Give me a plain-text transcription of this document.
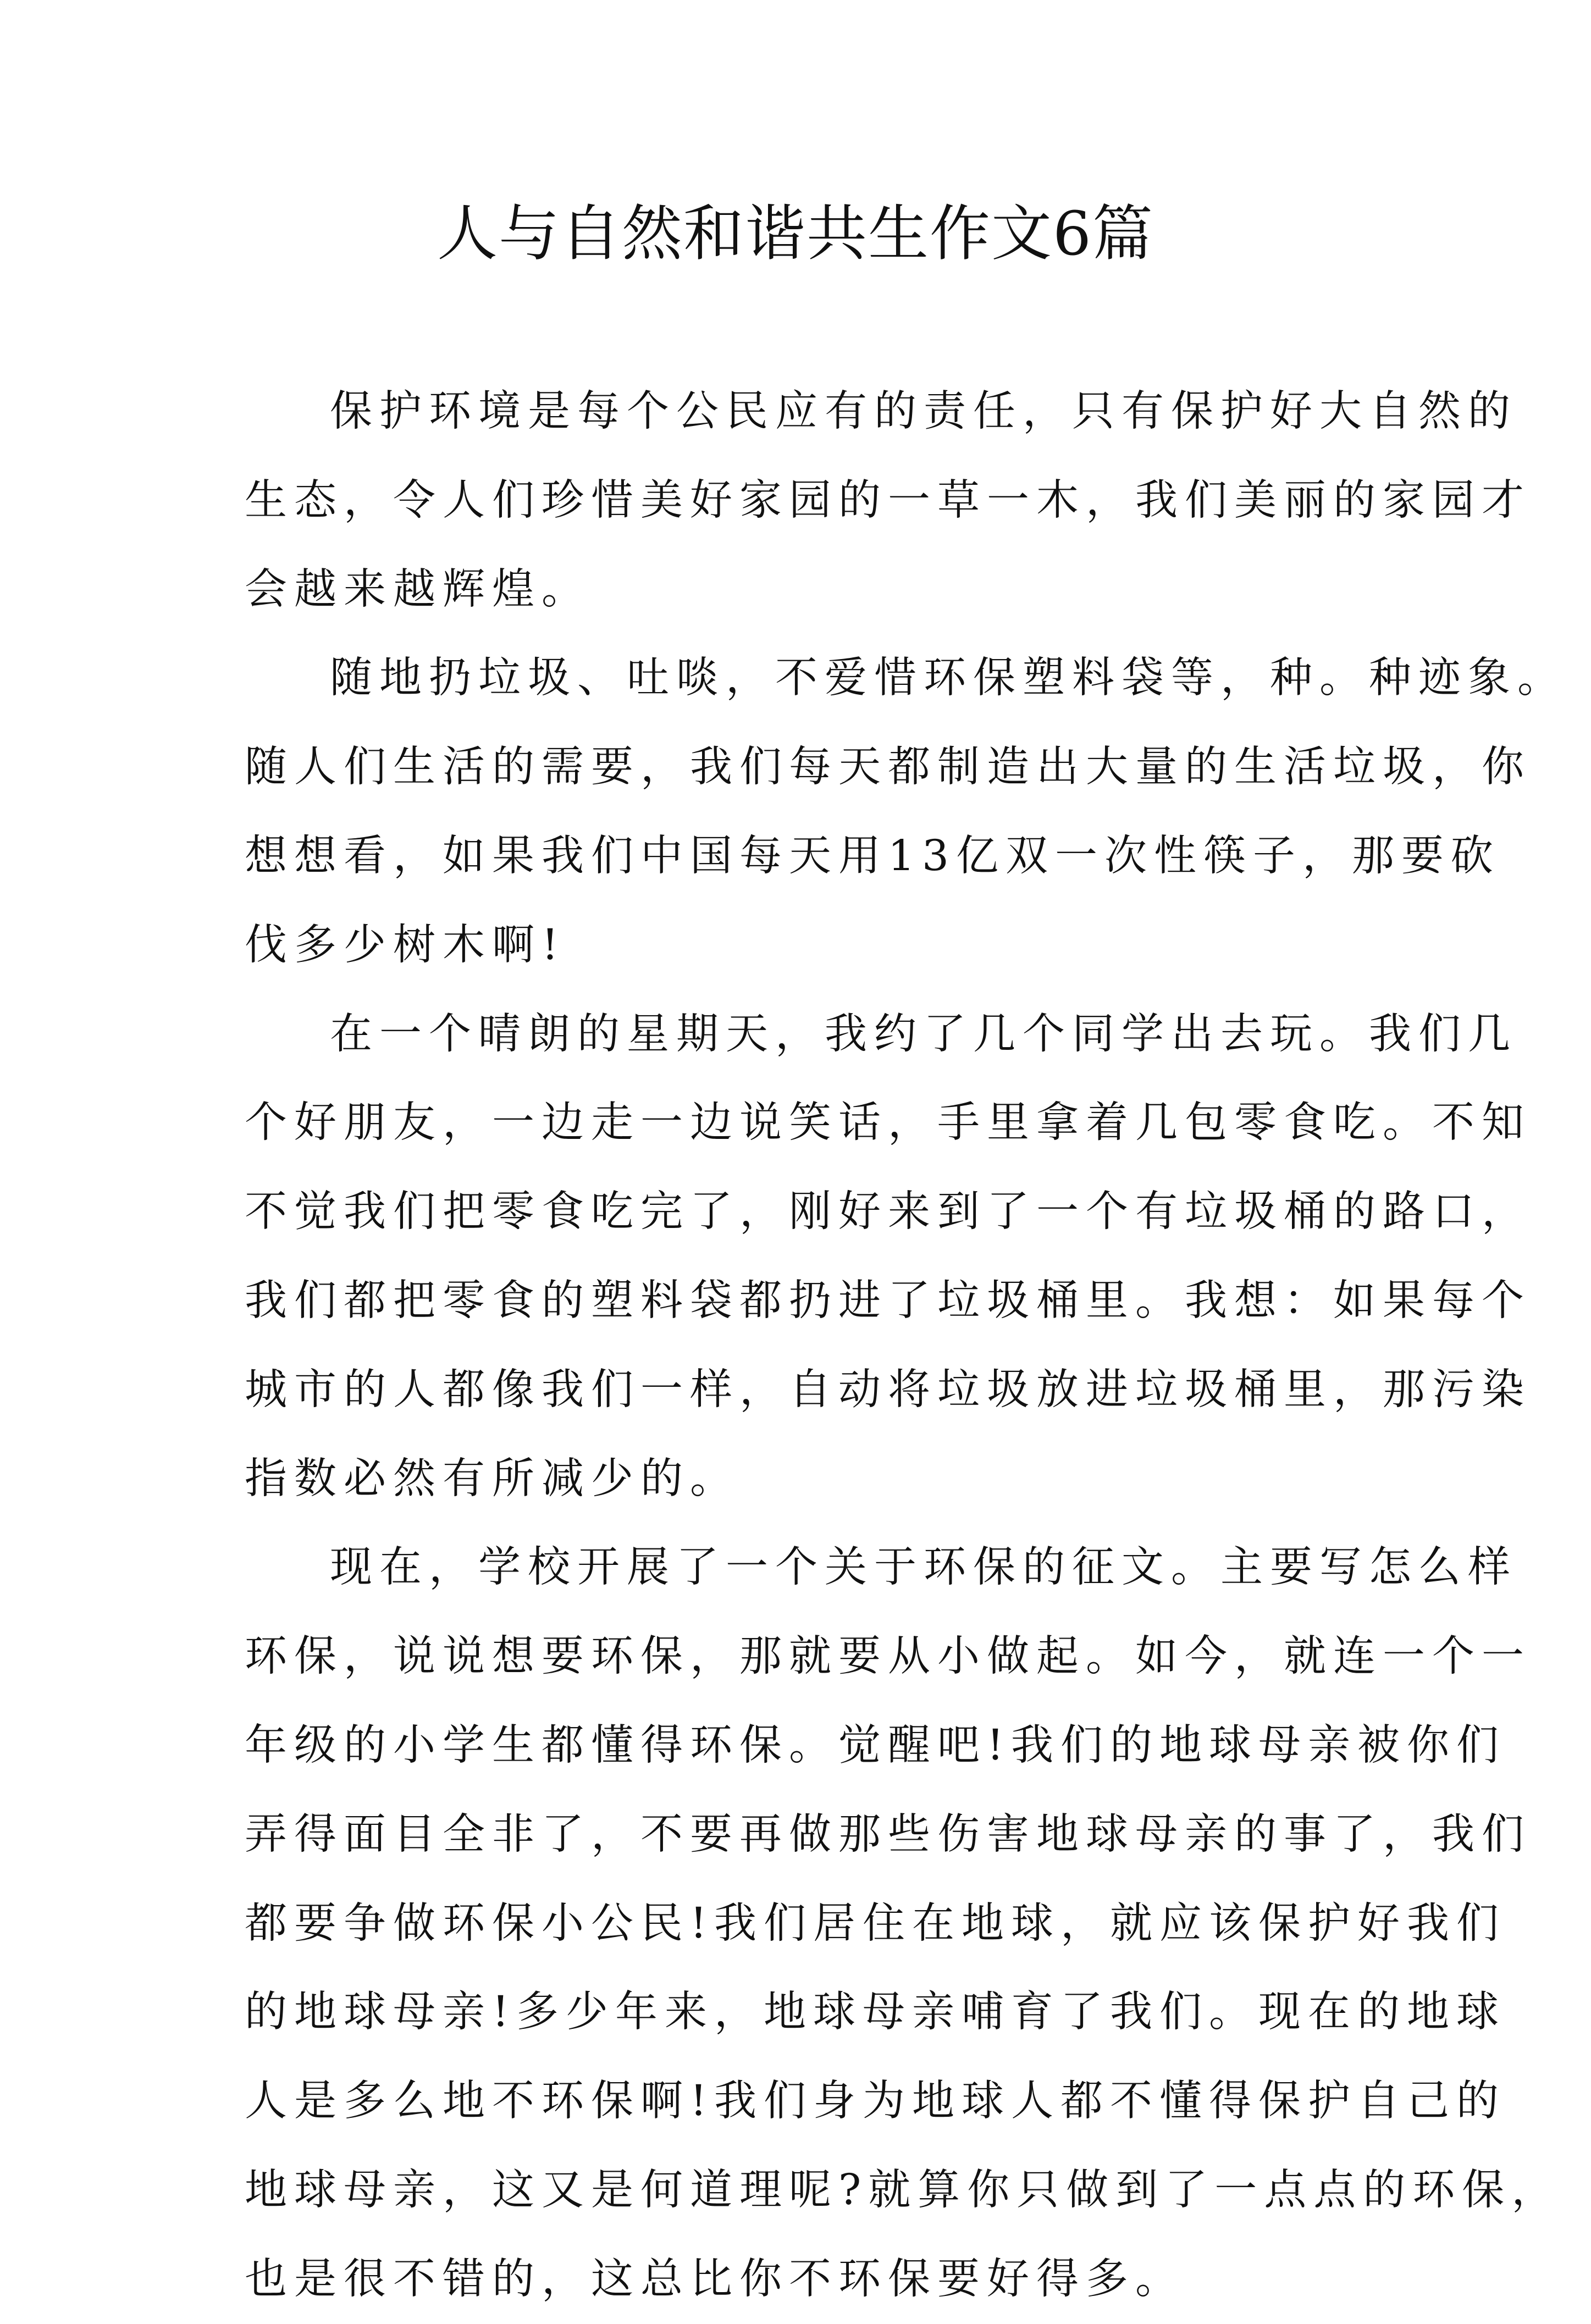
人与自然和谐共生作文6篇
保护环境是每个公民应有的责任，只有保护好大自然的
生态，令人们珍惜美好家园的一草一木，我们美丽的家园才
会越来越辉煌。
随地扔垃圾、吐啖，不爱惜环保塑料袋等，种。种迹象。
随人们生活的需要，我们每天都制造出大量的生活垃圾，你
想想看，如果我们中国每天用13亿双一次性筷子，那要砍
伐多少树木啊!
在一个晴朗的星期天，我约了几个同学出去玩。我们几
个好朋友，一边走一边说笑话，手里拿着几包零食吃。不知
不觉我们把零食吃完了，刚好来到了一个有垃圾桶的路口，
我们都把零食的塑料袋都扔进了垃圾桶里。我想：如果每个
城市的人都像我们一样，自动将垃圾放进垃圾桶里，那污染
指数必然有所减少的。
现在，学校开展了一个关于环保的征文。主要写怎么样
环保，说说想要环保，那就要从小做起。如今，就连一个一
年级的小学生都懂得环保。觉醒吧!我们的地球母亲被你们
弄得面目全非了，不要再做那些伤害地球母亲的事了，我们
都要争做环保小公民!我们居住在地球，就应该保护好我们
的地球母亲!多少年来，地球母亲哺育了我们。现在的地球
人是多么地不环保啊!我们身为地球人都不懂得保护自己的
地球母亲，这又是何道理呢?就算你只做到了一点点的环保，
也是很不错的，这总比你不环保要好得多。
